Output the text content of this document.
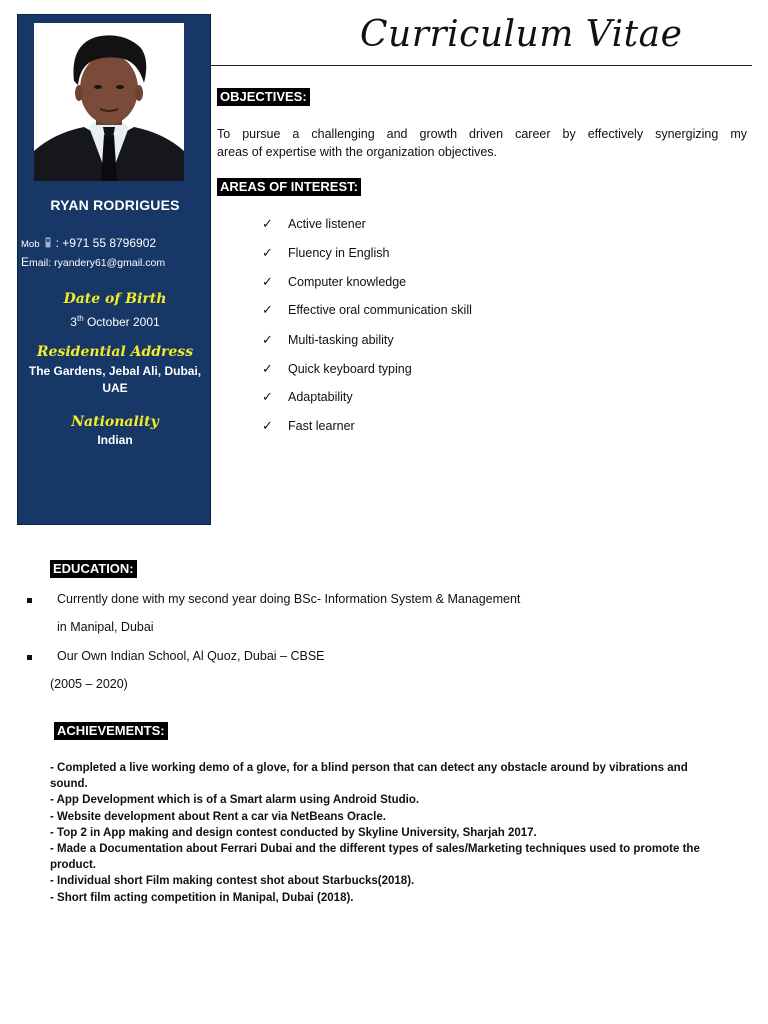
RYAN RODRIGUES
Mob : +971 55 8796902
Email: ryandery61@gmail.com
Date of Birth
3th October 2001
Residential Address
The Gardens, Jebal Ali, Dubai,
UAE
Nationality
Indian
Curriculum Vitae
OBJECTIVES:
To pursue a challenging and growth driven career by effectively synergizing my
areas of expertise with the organization objectives.
AREAS OF INTEREST:
✓ Active listener
✓ Fluency in English
✓ Computer knowledge
✓ Effective oral communication skill
✓ Multi-tasking ability
✓ Quick keyboard typing
✓ Adaptability
✓ Fast learner
EDUCATION:
Currently done with my second year doing BSc- Information System & Management
in Manipal, Dubai
Our Own Indian School, Al Quoz, Dubai – CBSE
(2005 – 2020)
ACHIEVEMENTS:
- Completed a live working demo of a glove, for a blind person that can detect any obstacle around by vibrations and
sound.
- App Development which is of a Smart alarm using Android Studio.
- Website development about Rent a car via NetBeans Oracle.
- Top 2 in App making and design contest conducted by Skyline University, Sharjah 2017.
- Made a Documentation about Ferrari Dubai and the different types of sales/Marketing techniques used to promote the
product.
- Individual short Film making contest shot about Starbucks(2018).
- Short film acting competition in Manipal, Dubai (2018).
